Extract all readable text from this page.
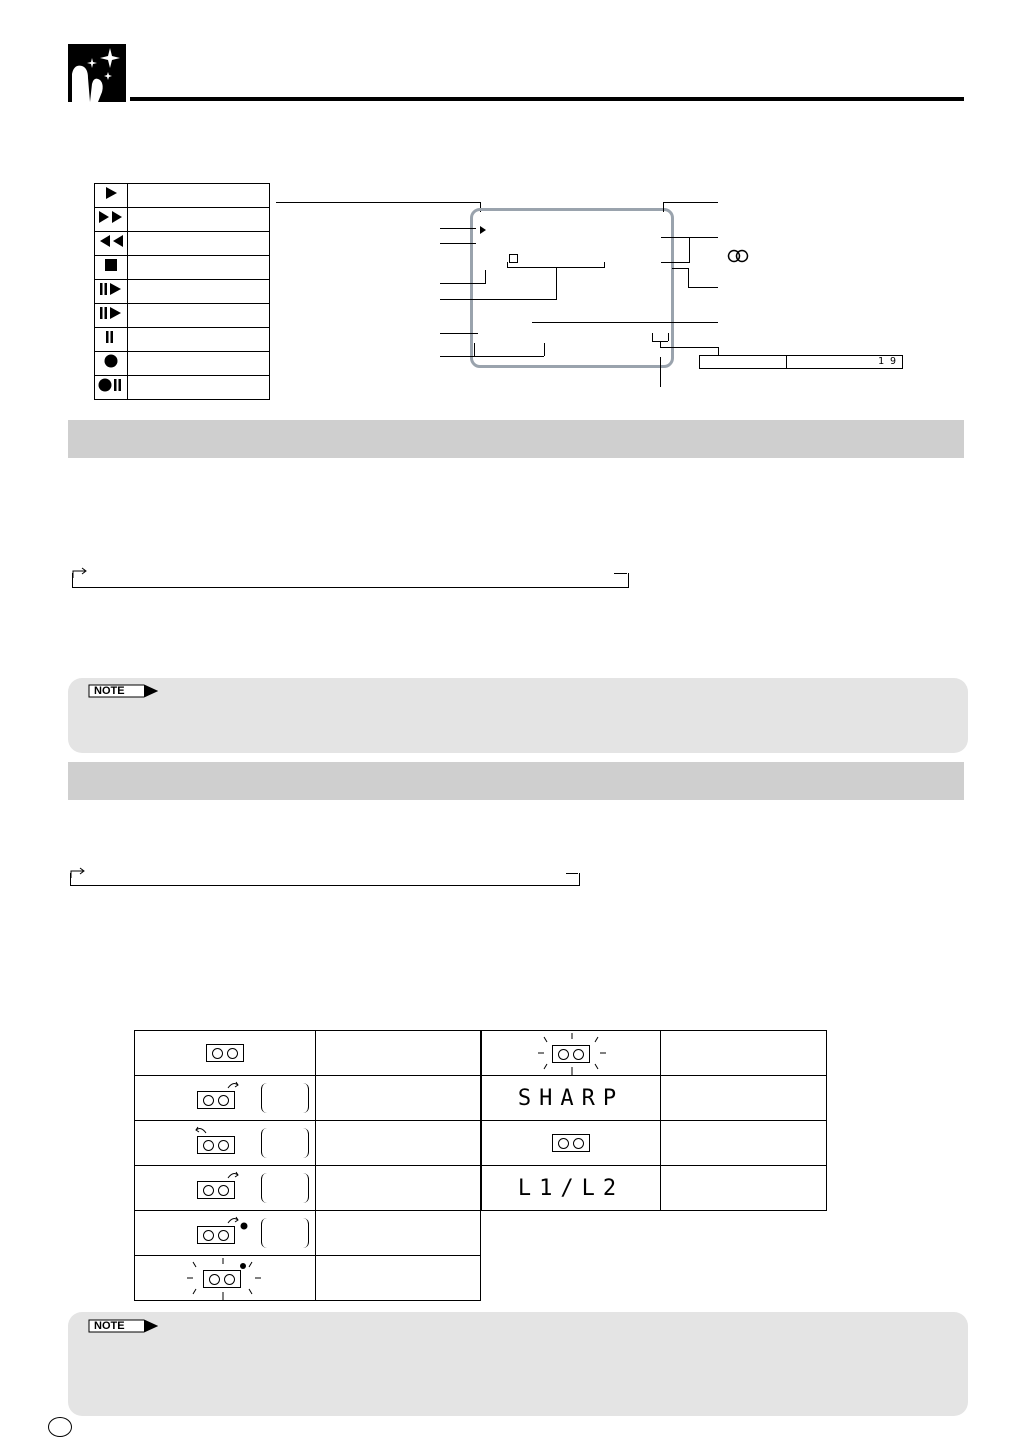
1 9
NOTE

SHARP	

L1/L2	
NOTE
